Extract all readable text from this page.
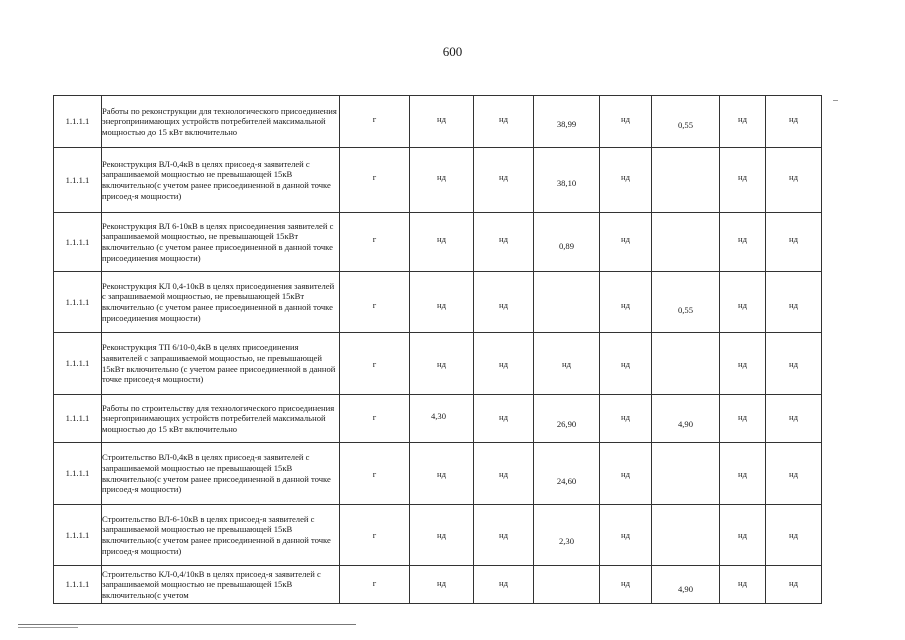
600
1.1.1.1	Работы по реконструкции для технологического присоединения энергопринимающих устройств потребителей максимальной мощностью до 15 кВт включительно	г	нд	нд	38,99	нд	0,55	нд	нд

1.1.1.1	Реконструкция ВЛ-0,4кВ в целях присоед-я заявителей с запрашиваемой мощностью не превышающей 15кВ включительно(с учетом ранее присоединенной в данной точке присоед-я мощности)	г	нд	нд	38,10	нд		нд	нд

1.1.1.1	Реконструкция ВЛ 6-10кВ в целях присоединения заявителей с запрашиваемой мощностью, не превышающей 15кВт включительно (с учетом ранее присоединенной в данной точке присоединения мощности)	г	нд	нд	0,89	нд		нд	нд

1.1.1.1	Реконструкция КЛ 0,4-10кВ в целях присоединения заявителей с запрашиваемой мощностью, не превышающей 15кВт включительно (с учетом ранее присоединенной в данной точке присоединения мощности)	г	нд	нд		нд	0,55	нд	нд

1.1.1.1	Реконструкция ТП 6/10-0,4кВ в целях присоединения заявителей с запрашиваемой мощностью, не превышающей 15кВт включительно (с учетом ранее присоединенной в данной точке присоед-я мощности)	г	нд	нд	нд	нд		нд	нд

1.1.1.1	Работы по строительству для технологического присоединения энергопринимающих устройств потребителей максимальной мощностью до 15 кВт включительно	г	4,30	нд	26,90	нд	4,90	нд	нд

1.1.1.1	Строительство ВЛ-0,4кВ в целях присоед-я заявителей с запрашиваемой мощностью не превышающей 15кВ включительно(с учетом ранее присоединенной в данной точке присоед-я мощности)	г	нд	нд	24,60	нд		нд	нд

1.1.1.1	Строительство ВЛ-6-10кВ в целях присоед-я заявителей с запрашиваемой мощностью не превышающей 15кВ включительно(с учетом ранее присоединенной в данной точке присоед-я мощности)	г	нд	нд	2,30	нд		нд	нд

1.1.1.1	Строительство КЛ-0,4/10кВ в целях присоед-я заявителей с запрашиваемой мощностью не превышающей 15кВ включительно(с учетом	г	нд	нд		нд	4,90	нд	нд
